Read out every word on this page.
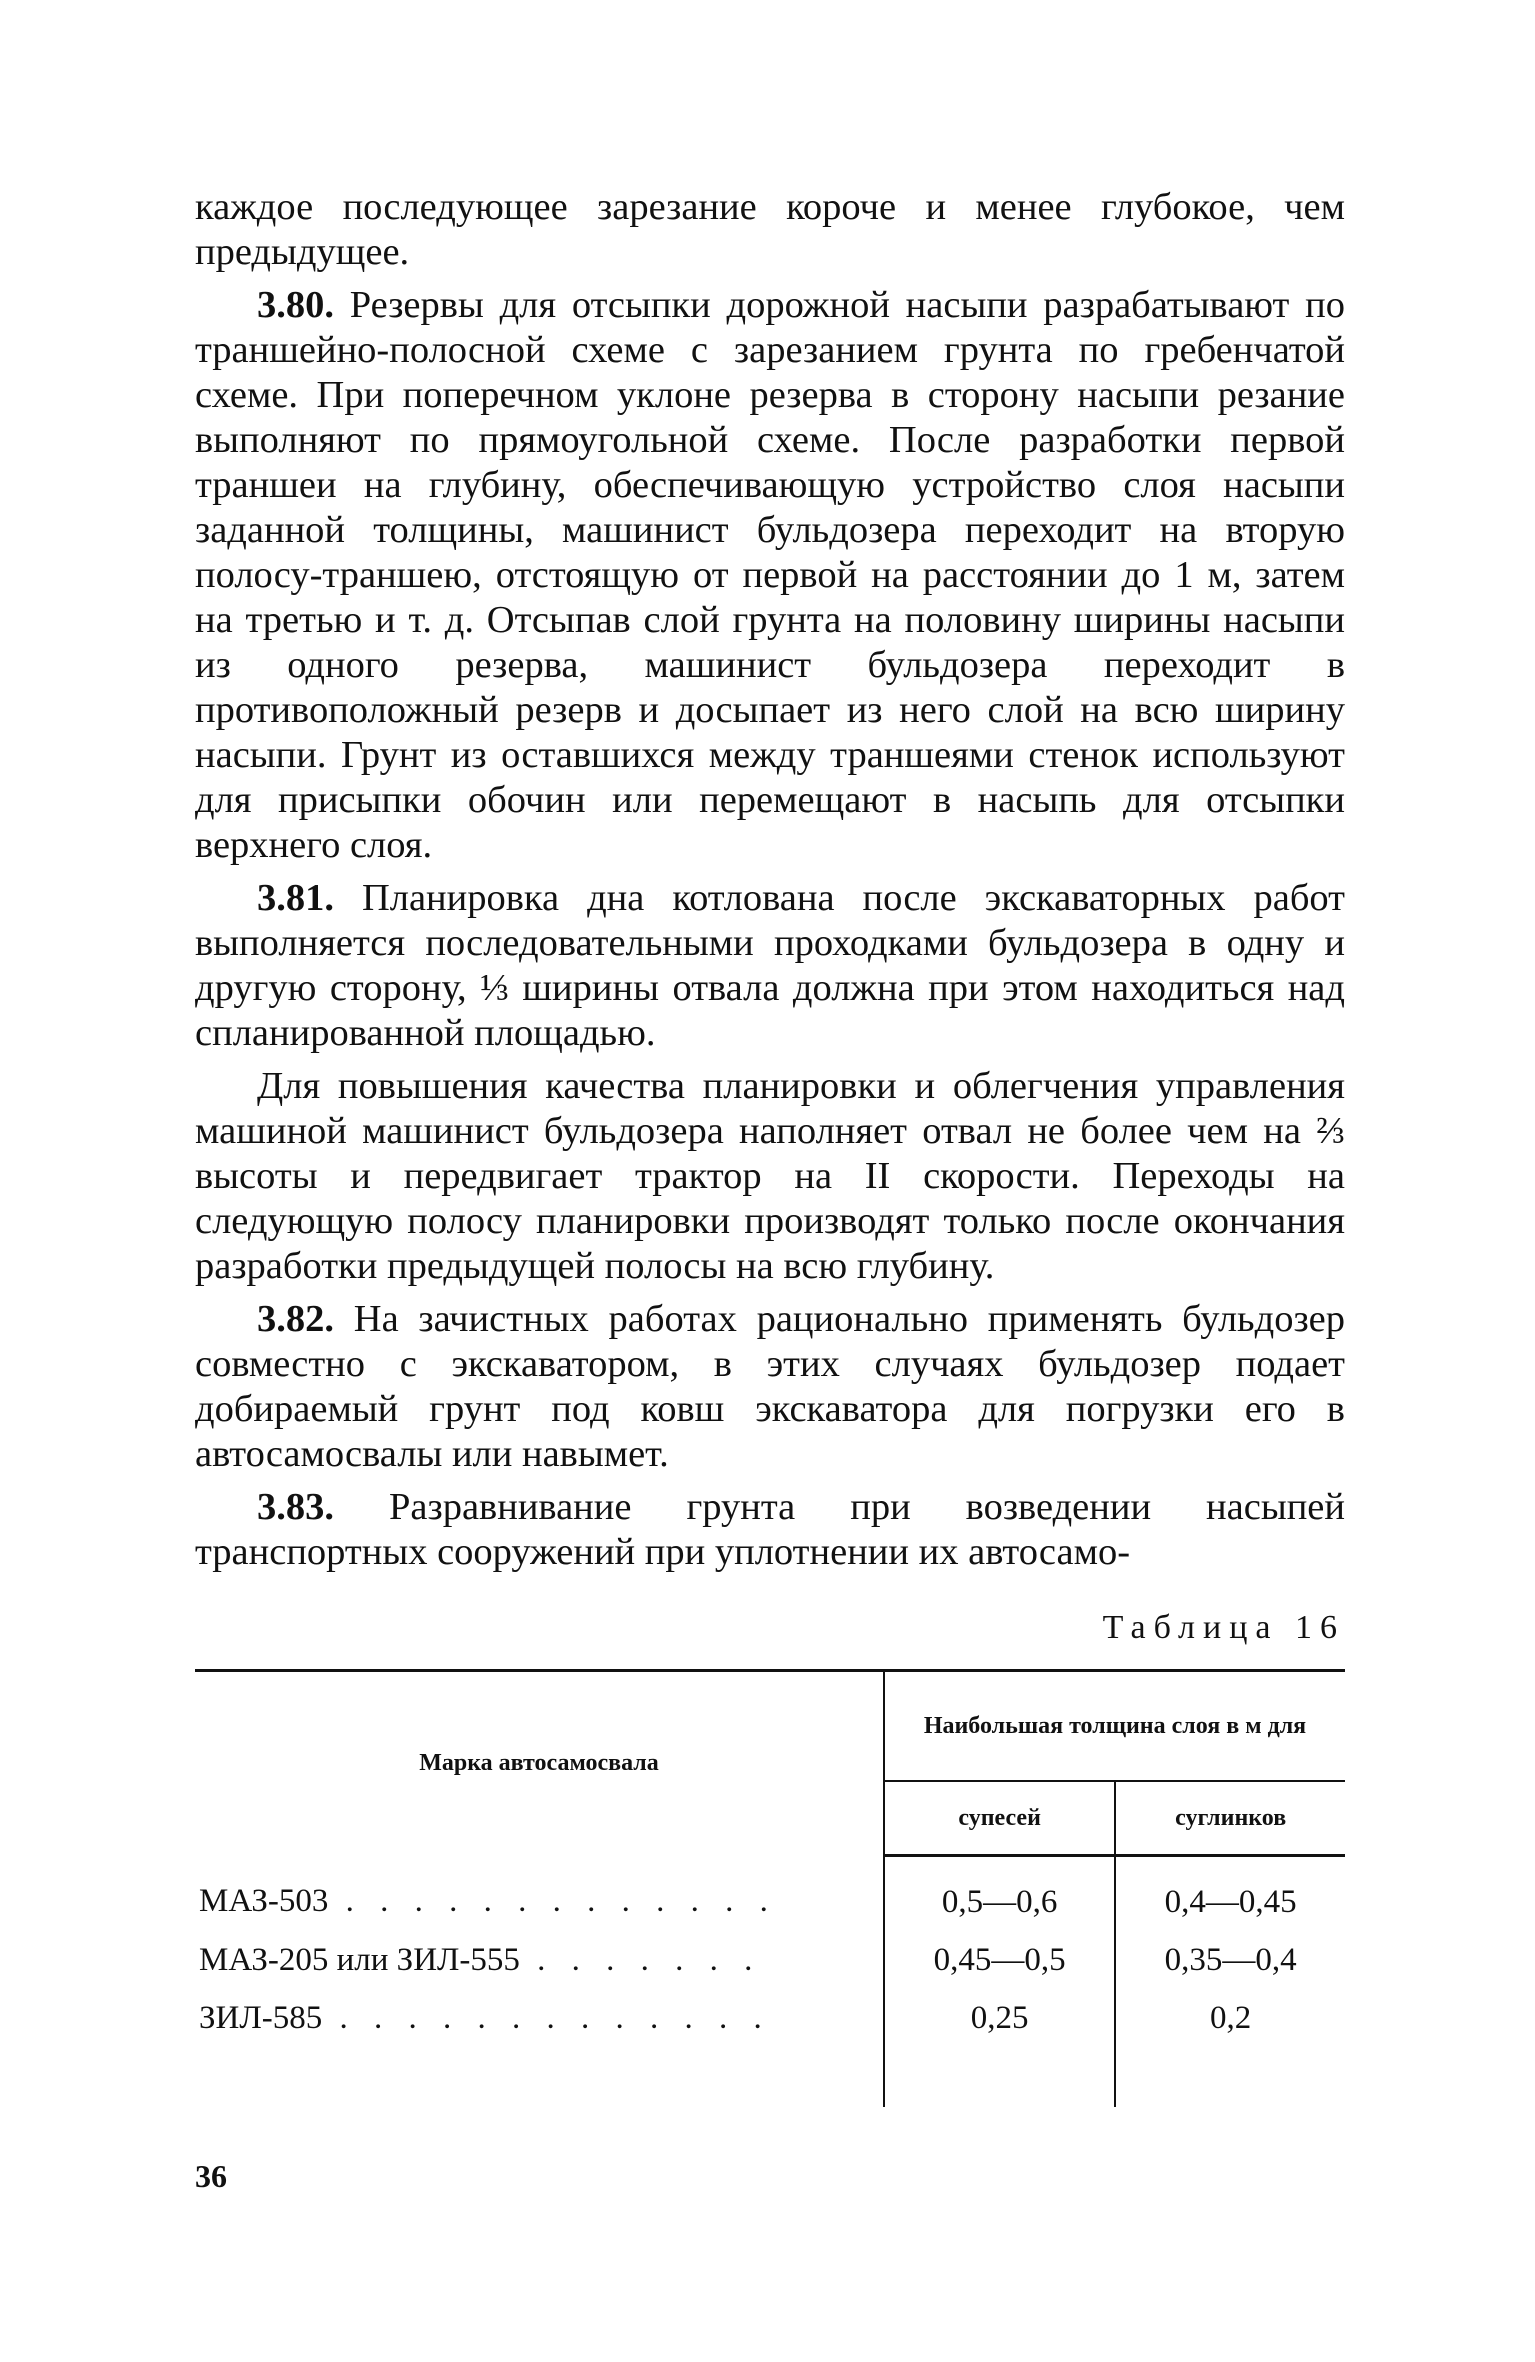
каждое последующее зарезание короче и менее глубокое, чем предыдущее.

3.80. Резервы для отсыпки дорожной насыпи разрабатывают по траншейно-полосной схеме с зарезанием грунта по гребенчатой схеме. При поперечном уклоне резерва в сторону насыпи резание выполняют по прямоугольной схеме. После разработки первой траншеи на глубину, обеспечивающую устройство слоя насыпи заданной толщины, машинист бульдозера переходит на вторую полосу-траншею, отстоящую от первой на расстоянии до 1 м, затем на третью и т. д. Отсыпав слой грунта на половину ширины насыпи из одного резерва, машинист бульдозера переходит в противоположный резерв и досыпает из него слой на всю ширину насыпи. Грунт из оставшихся между траншеями стенок используют для присыпки обочин или перемещают в насыпь для отсыпки верхнего слоя.

3.81. Планировка дна котлована после экскаваторных работ выполняется последовательными проходками бульдозера в одну и другую сторону, ⅓ ширины отвала должна при этом находиться над спланированной площадью.

Для повышения качества планировки и облегчения управления машиной машинист бульдозера наполняет отвал не более чем на ⅔ высоты и передвигает трактор на II скорости. Переходы на следующую полосу планировки производят только после окончания разработки предыдущей полосы на всю глубину.

3.82. На зачистных работах рационально применять бульдозер совместно с экскаватором, в этих случаях бульдозер подает добираемый грунт под ковш экскаватора для погрузки его в автосамосвалы или навымет.

3.83. Разравнивание грунта при возведении насыпей транспортных сооружений при уплотнении их автосамо-

Таблица 16
Марка автосамосвала	Наибольшая толщина слоя в м для	
	супесей	суглинков
МАЗ-503 . . . . . . . . . . . . .	0,5—0,6	0,4—0,45
МАЗ-205 или ЗИЛ-555 . . . . . . .	0,45—0,5	0,35—0,4
ЗИЛ-585 . . . . . . . . . . . . .	0,25	0,2

36
